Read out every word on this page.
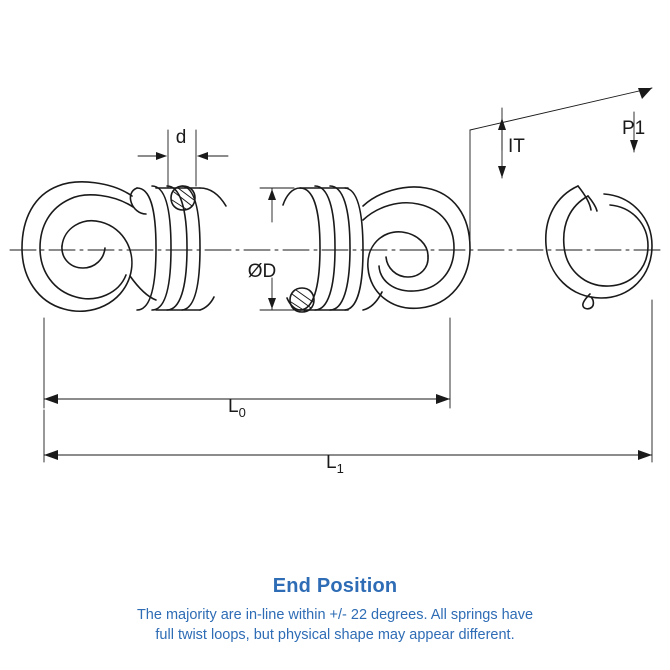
d
ØD
IT
P1
$L_0$
$L_1$
End Position
The majority are in-line within +/- 22 degrees. All springs have
full twist loops, but physical shape may appear different.
